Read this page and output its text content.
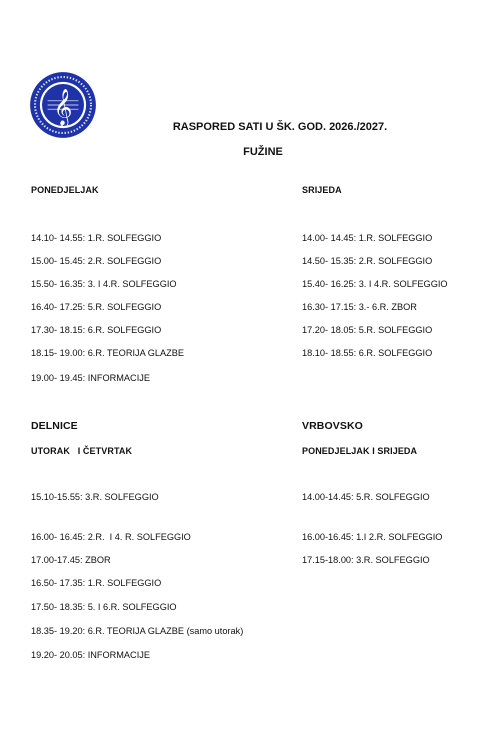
𝄞
RASPORED SATI U ŠK. GOD. 2026./2027.
FUŽINE
PONEDJELJAK
14.10- 14.55: 1.R. SOLFEGGIO
15.00- 15.45: 2.R. SOLFEGGIO
15.50- 16.35: 3. I 4.R. SOLFEGGIO
16.40- 17.25: 5.R. SOLFEGGIO
17.30- 18.15: 6.R. SOLFEGGIO
18.15- 19.00: 6.R. TEORIJA GLAZBE
19.00- 19.45: INFORMACIJE
SRIJEDA
14.00- 14.45: 1.R. SOLFEGGIO
14.50- 15.35: 2.R. SOLFEGGIO
15.40- 16.25: 3. I 4.R. SOLFEGGIO
16.30- 17.15: 3.- 6.R. ZBOR
17.20- 18.05: 5.R. SOLFEGGIO
18.10- 18.55: 6.R. SOLFEGGIO
DELNICE
UTORAK   I ČETVRTAK
15.10-15.55: 3.R. SOLFEGGIO
16.00- 16.45: 2.R.  I 4. R. SOLFEGGIO
17.00-17.45: ZBOR
16.50- 17.35: 1.R. SOLFEGGIO
17.50- 18.35: 5. I 6.R. SOLFEGGIO
18.35- 19.20: 6.R. TEORIJA GLAZBE (samo utorak)
19.20- 20.05: INFORMACIJE
VRBOVSKO
PONEDJELJAK I SRIJEDA
14.00-14.45: 5.R. SOLFEGGIO
16.00-16.45: 1.I 2.R. SOLFEGGIO
17.15-18.00: 3.R. SOLFEGGIO
